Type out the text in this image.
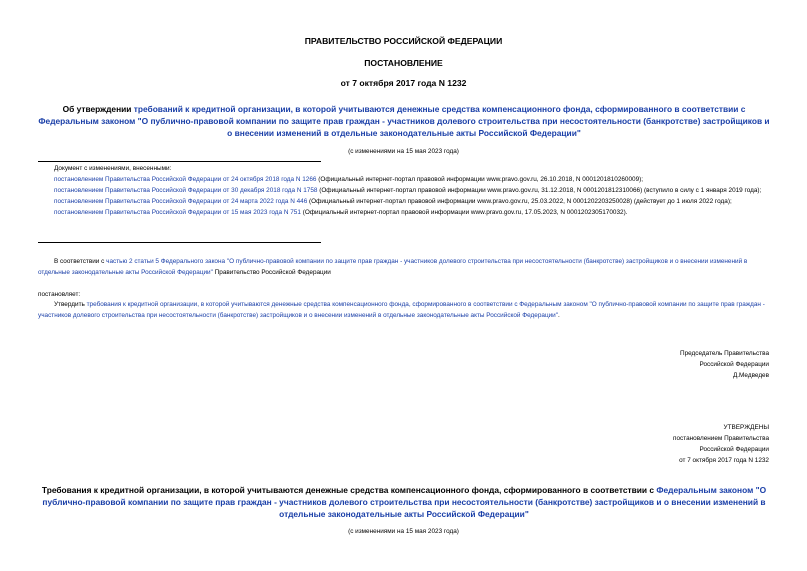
ПРАВИТЕЛЬСТВО РОССИЙСКОЙ ФЕДЕРАЦИИ
ПОСТАНОВЛЕНИЕ
от 7 октября 2017 года N 1232
Об утверждении требований к кредитной организации, в которой учитываются денежные средства компенсационного фонда, сформированного в соответствии с Федеральным законом "О публично-правовой компании по защите прав граждан - участников долевого строительства при несостоятельности (банкротстве) застройщиков и о внесении изменений в отдельные законодательные акты Российской Федерации"
(с изменениями на 15 мая 2023 года)
Документ с изменениями, внесенными:
постановлением Правительства Российской Федерации от 24 октября 2018 года N 1266 (Официальный интернет-портал правовой информации www.pravo.gov.ru, 26.10.2018, N 0001201810260009);
постановлением Правительства Российской Федерации от 30 декабря 2018 года N 1758 (Официальный интернет-портал правовой информации www.pravo.gov.ru, 31.12.2018, N 0001201812310066) (вступило в силу с 1 января 2019 года);
постановлением Правительства Российской Федерации от 24 марта 2022 года N 446 (Официальный интернет-портал правовой информации www.pravo.gov.ru, 25.03.2022, N 0001202203250028) (действует до 1 июля 2022 года);
постановлением Правительства Российской Федерации от 15 мая 2023 года N 751 (Официальный интернет-портал правовой информации www.pravo.gov.ru, 17.05.2023, N 0001202305170032).
В соответствии с частью 2 статьи 5 Федерального закона "О публично-правовой компании по защите прав граждан - участников долевого строительства при несостоятельности (банкротстве) застройщиков и о внесении изменений в отдельные законодательные акты Российской Федерации" Правительство Российской Федерации
постановляет:
Утвердить требования к кредитной организации, в которой учитываются денежные средства компенсационного фонда, сформированного в соответствии с Федеральным законом "О публично-правовой компании по защите прав граждан - участников долевого строительства при несостоятельности (банкротстве) застройщиков и о внесении изменений в отдельные законодательные акты Российской Федерации".
Председатель Правительства
Российской Федерации
Д.Медведев
УТВЕРЖДЕНЫ
постановлением Правительства
Российской Федерации
от 7 октября 2017 года N 1232
Требования к кредитной организации, в которой учитываются денежные средства компенсационного фонда, сформированного в соответствии с Федеральным законом "О публично-правовой компании по защите прав граждан - участников долевого строительства при несостоятельности (банкротстве) застройщиков и о внесении изменений в отдельные законодательные акты Российской Федерации"
(с изменениями на 15 мая 2023 года)
